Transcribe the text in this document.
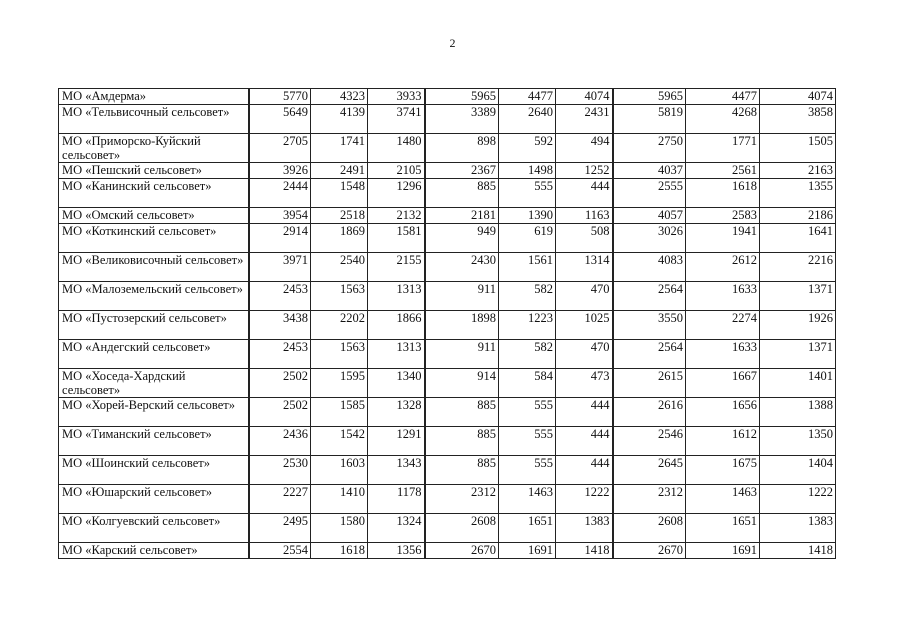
2
МО «Амдерма»	5770	4323	3933	5965	4477	4074	5965	4477	4074
МО «Тельвисочный сельсовет»	5649	4139	3741	3389	2640	2431	5819	4268	3858
МО «Приморско-Куйский сельсовет»	2705	1741	1480	898	592	494	2750	1771	1505
МО «Пешский сельсовет»	3926	2491	2105	2367	1498	1252	4037	2561	2163
МО «Канинский сельсовет»	2444	1548	1296	885	555	444	2555	1618	1355
МО «Омский сельсовет»	3954	2518	2132	2181	1390	1163	4057	2583	2186
МО «Коткинский сельсовет»	2914	1869	1581	949	619	508	3026	1941	1641
МО «Великовисочный сельсовет»	3971	2540	2155	2430	1561	1314	4083	2612	2216
МО «Малоземельский сельсовет»	2453	1563	1313	911	582	470	2564	1633	1371
МО «Пустозерский сельсовет»	3438	2202	1866	1898	1223	1025	3550	2274	1926
МО «Андегский сельсовет»	2453	1563	1313	911	582	470	2564	1633	1371
МО «Хоседа-Хардский сельсовет»	2502	1595	1340	914	584	473	2615	1667	1401
МО «Хорей-Верский сельсовет»	2502	1585	1328	885	555	444	2616	1656	1388
МО «Тиманский сельсовет»	2436	1542	1291	885	555	444	2546	1612	1350
МО «Шоинский сельсовет»	2530	1603	1343	885	555	444	2645	1675	1404
МО «Юшарский сельсовет»	2227	1410	1178	2312	1463	1222	2312	1463	1222
МО «Колгуевский сельсовет»	2495	1580	1324	2608	1651	1383	2608	1651	1383
МО «Карский сельсовет»	2554	1618	1356	2670	1691	1418	2670	1691	1418
